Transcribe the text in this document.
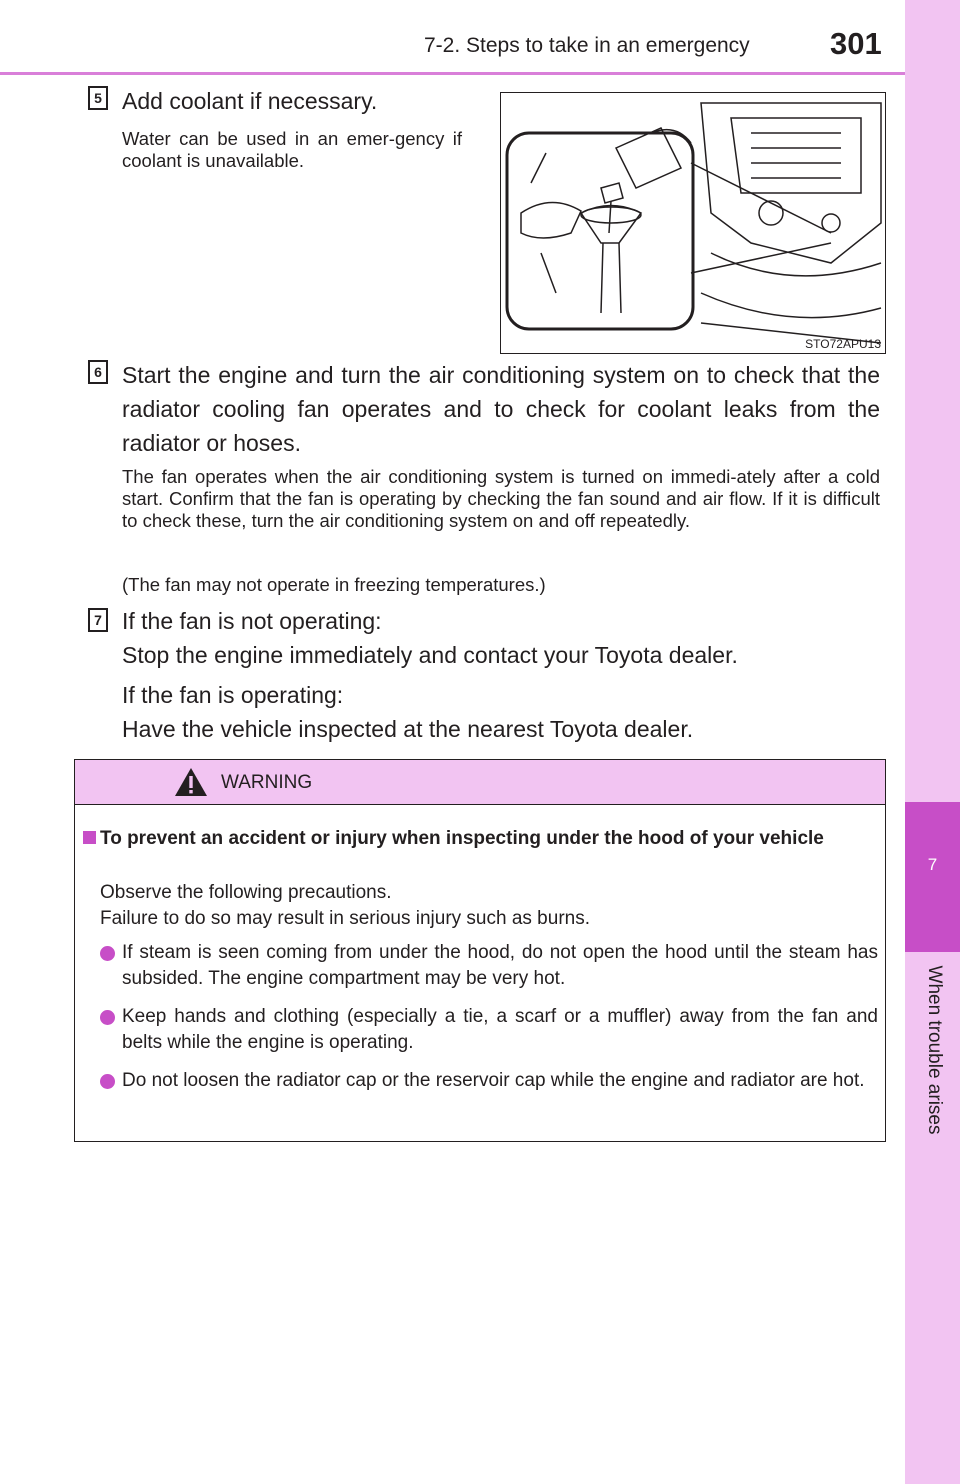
7-2. Steps to take in an emergency	301
7
When trouble arises
5 Add coolant if necessary.
Water can be used in an emer-gency if coolant is unavailable.
STO72APU13
6 Start the engine and turn the air conditioning system on to check that the radiator cooling fan operates and to check for coolant leaks from the radiator or hoses.
The fan operates when the air conditioning system is turned on immedi-ately after a cold start. Confirm that the fan is operating by checking the fan sound and air flow. If it is difficult to check these, turn the air conditioning system on and off repeatedly.
(The fan may not operate in freezing temperatures.)
7 If the fan is not operating:
Stop the engine immediately and contact your Toyota dealer.
If the fan is operating:
Have the vehicle inspected at the nearest Toyota dealer.
WARNING
To prevent an accident or injury when inspecting under the hood of your vehicle
Observe the following precautions.
Failure to do so may result in serious injury such as burns.
If steam is seen coming from under the hood, do not open the hood until the steam has subsided. The engine compartment may be very hot.
Keep hands and clothing (especially a tie, a scarf or a muffler) away from the fan and belts while the engine is operating.
Do not loosen the radiator cap or the reservoir cap while the engine and radiator are hot.
